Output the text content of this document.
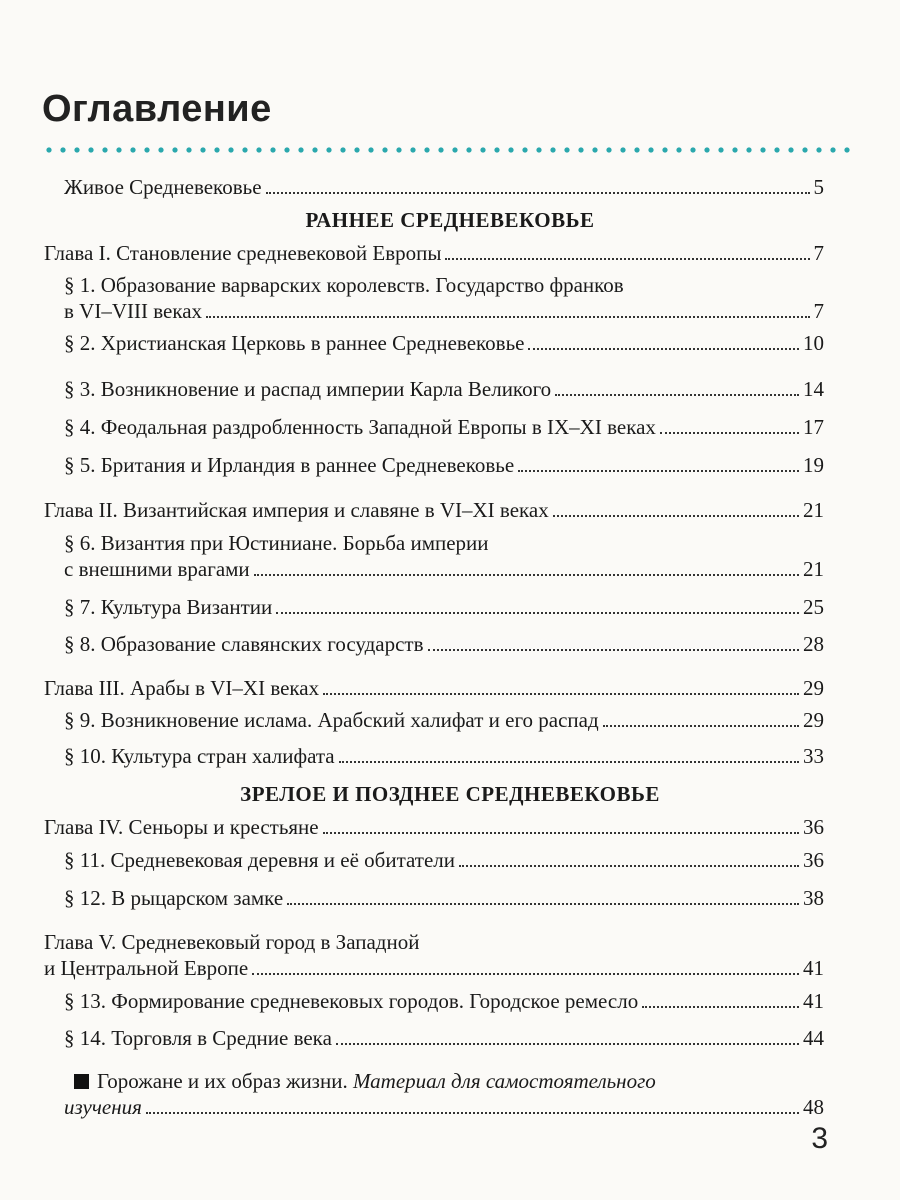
Оглавление
Живое Средневековье	5
РАННЕЕ СРЕДНЕВЕКОВЬЕ
Глава I. Становление средневековой Европы	7
§ 1. Образование варварских королевств. Государство франков
в VI–VIII веках	7
§ 2. Христианская Церковь в раннее Средневековье	10
§ 3. Возникновение и распад империи Карла Великого	14
§ 4. Феодальная раздробленность Западной Европы в IX–XI веках	17
§ 5. Британия и Ирландия в раннее Средневековье	19
Глава II. Византийская империя и славяне в VI–XI веках	21
§ 6. Византия при Юстиниане. Борьба империи
с внешними врагами	21
§ 7. Культура Византии	25
§ 8. Образование славянских государств	28
Глава III. Арабы в VI–XI веках	29
§ 9. Возникновение ислама. Арабский халифат и его распад	29
§ 10. Культура стран халифата	33
ЗРЕЛОЕ И ПОЗДНЕЕ СРЕДНЕВЕКОВЬЕ
Глава IV. Сеньоры и крестьяне	36
§ 11. Средневековая деревня и её обитатели	36
§ 12. В рыцарском замке	38
Глава V. Средневековый город в Западной
и Центральной Европе	41
§ 13. Формирование средневековых городов. Городское ремесло	41
§ 14. Торговля в Средние века	44
Горожане и их образ жизни. Материал для самостоятельного
изучения	48
3
